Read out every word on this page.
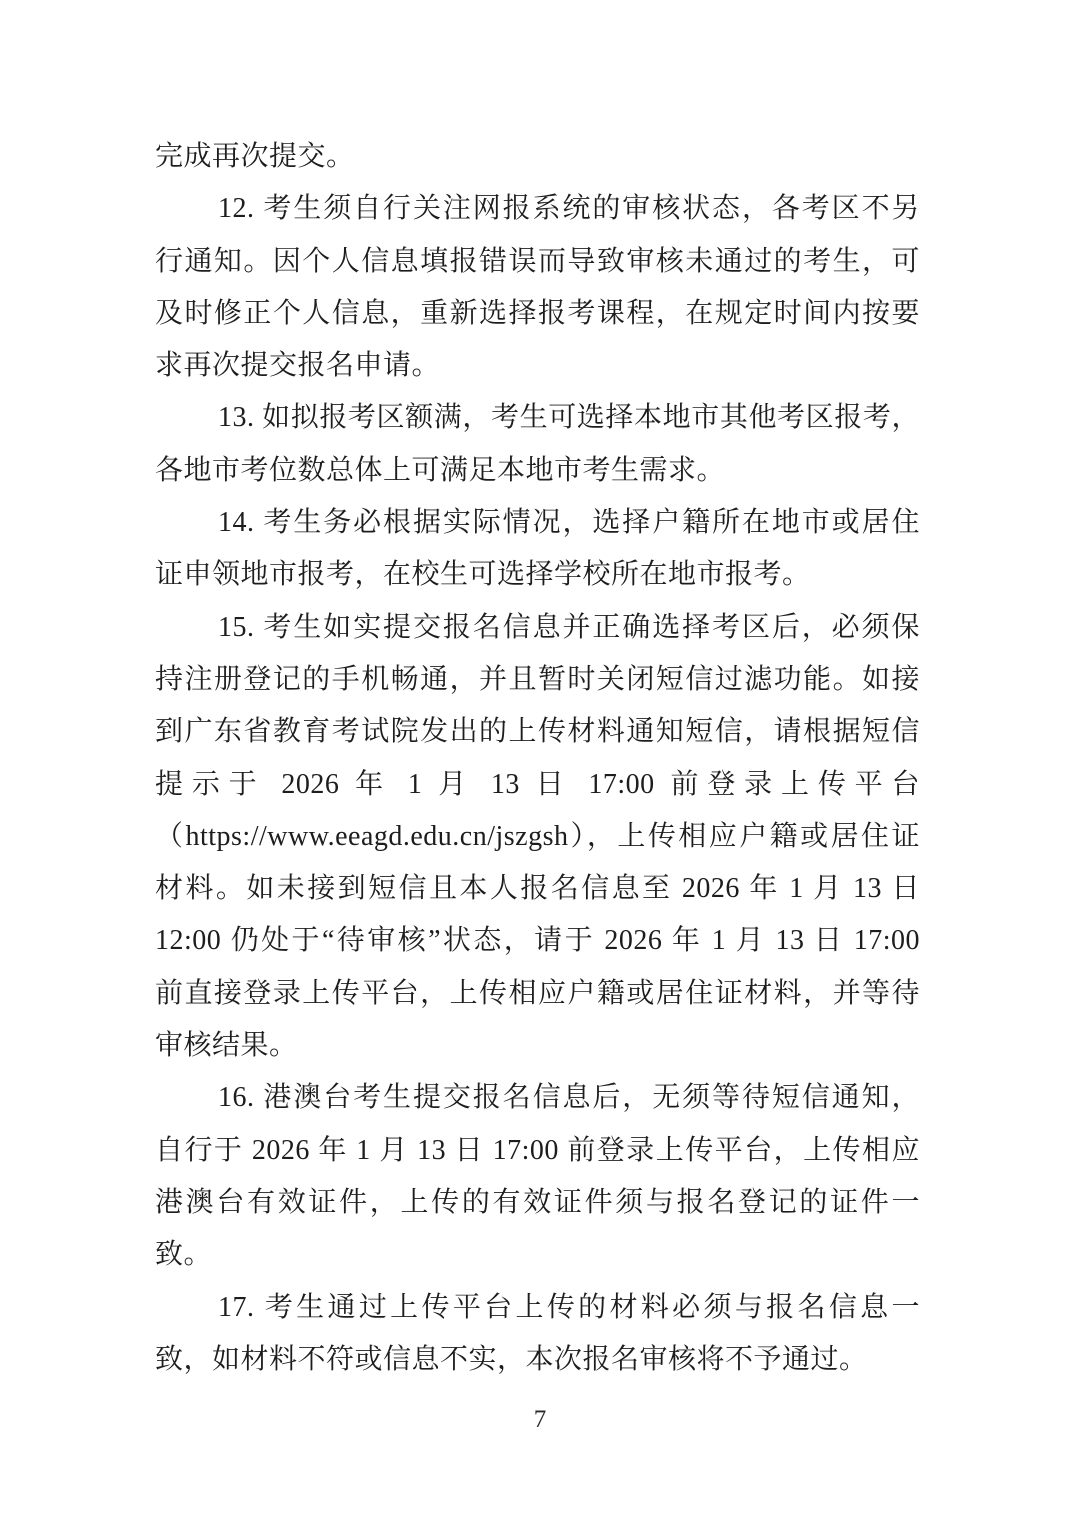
完成再次提交。
12. 考生须自行关注网报系统的审核状态，各考区不另
行通知。因个人信息填报错误而导致审核未通过的考生，可
及时修正个人信息，重新选择报考课程，在规定时间内按要
求再次提交报名申请。
13. 如拟报考区额满，考生可选择本地市其他考区报考，
各地市考位数总体上可满足本地市考生需求。
14. 考生务必根据实际情况，选择户籍所在地市或居住
证申领地市报考，在校生可选择学校所在地市报考。
15. 考生如实提交报名信息并正确选择考区后，必须保
持注册登记的手机畅通，并且暂时关闭短信过滤功能。如接
到广东省教育考试院发出的上传材料通知短信，请根据短信
提示于 2026 年 1 月 13 日 17:00 前登录上传平台
（https://www.eeagd.edu.cn/jszgsh），上传相应户籍或居住证
材料。如未接到短信且本人报名信息至 2026 年 1 月 13 日
12:00 仍处于“待审核”状态，请于 2026 年 1 月 13 日 17:00
前直接登录上传平台，上传相应户籍或居住证材料，并等待
审核结果。
16. 港澳台考生提交报名信息后，无须等待短信通知，
自行于 2026 年 1 月 13 日 17:00 前登录上传平台，上传相应
港澳台有效证件，上传的有效证件须与报名登记的证件一
致。
17. 考生通过上传平台上传的材料必须与报名信息一
致，如材料不符或信息不实，本次报名审核将不予通过。
7
